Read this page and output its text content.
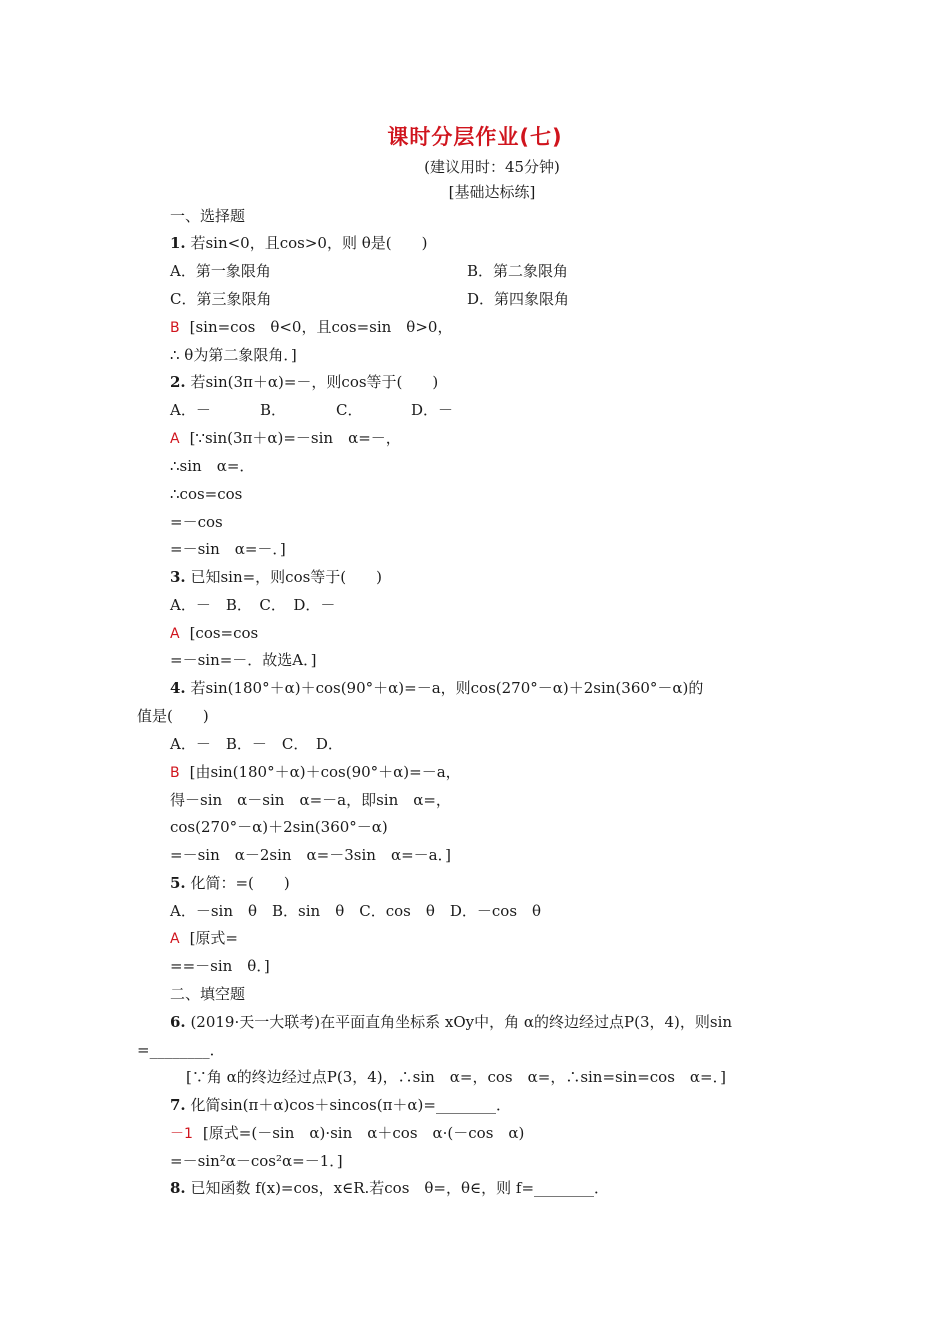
课时分层作业(七)
(建议用时：45分钟)
[基础达标练]
一、选择题
1. 若sin<0，且cos>0，则 θ是(　　)
A．第一象限角	B．第二象限角
C．第三象限角	D．第四象限角
B [sin=cos　θ<0，且cos=sin　θ>0，
∴ θ为第二象限角．]
2. 若sin(3π＋α)=－，则cos等于(　　)
A．－	B．	C．	D．－
A [∵sin(3π＋α)=－sin　α=－，
∴sin　α=．
∴cos=cos
=－cos
=－sin　α=－．]
3. 已知sin=，则cos等于(　　)
A．－　B．　C．　D．－
A [cos=cos
=－sin=－．故选A．]
4. 若sin(180°＋α)＋cos(90°＋α)=－a，则cos(270°－α)＋2sin(360°－α)的
值是(　　)
A．－　B．－　C．　D．
B [由sin(180°＋α)＋cos(90°＋α)=－a，
得－sin　α－sin　α=－a，即sin　α=，
cos(270°－α)＋2sin(360°－α)
=－sin　α－2sin　α=－3sin　α=－a．]
5. 化简：=(　　)
A．－sin　θ　B．sin　θ　C．cos　θ　D．－cos　θ
A [原式=
==－sin　θ．]
二、填空题
6. (2019·天一大联考)在平面直角坐标系 xOy中，角 α的终边经过点P(3，4)，则sin
=________．
[∵角 α的终边经过点P(3，4)，∴sin　α=，cos　α=，∴sin=sin=cos　α=．]
7. 化简sin(π＋α)cos＋sincos(π＋α)=________．
－1 [原式=(－sin　α)·sin　α＋cos　α·(－cos　α)
=－sin²α－cos²α=－1．]
8. 已知函数 f(x)=cos，x∈R.若cos　θ=，θ∈，则 f=________．
